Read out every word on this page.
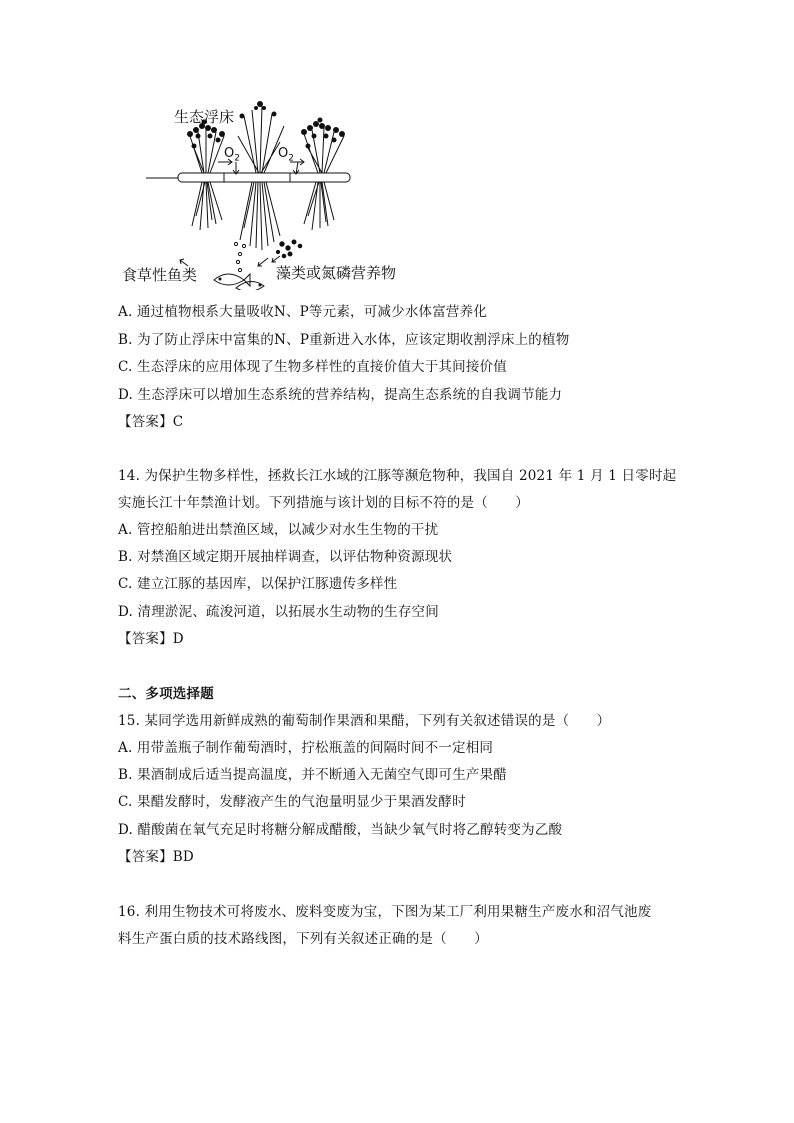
生态浮床
$O_2$	$O_2$
食草性鱼类	藻类或氮磷营养物
A. 通过植物根系大量吸收N、P等元素，可减少水体富营养化
B. 为了防止浮床中富集的N、P重新进入水体，应该定期收割浮床上的植物
C. 生态浮床的应用体现了生物多样性的直接价值大于其间接价值
D. 生态浮床可以增加生态系统的营养结构，提高生态系统的自我调节能力
【答案】C
14. 为保护生物多样性，拯救长江水域的江豚等濒危物种，我国自 2021 年 1 月 1 日零时起
实施长江十年禁渔计划。下列措施与该计划的目标不符的是（　　）
A. 管控船舶进出禁渔区域，以减少对水生生物的干扰
B. 对禁渔区域定期开展抽样调查，以评估物种资源现状
C. 建立江豚的基因库，以保护江豚遗传多样性
D. 清理淤泥、疏浚河道，以拓展水生动物的生存空间
【答案】D
二、多项选择题
15. 某同学选用新鲜成熟的葡萄制作果酒和果醋，下列有关叙述错误的是（　　）
A. 用带盖瓶子制作葡萄酒时，拧松瓶盖的间隔时间不一定相同
B. 果酒制成后适当提高温度，并不断通入无菌空气即可生产果醋
C. 果醋发酵时，发酵液产生的气泡量明显少于果酒发酵时
D. 醋酸菌在氧气充足时将糖分解成醋酸，当缺少氧气时将乙醇转变为乙酸
【答案】BD
16. 利用生物技术可将废水、废料变废为宝，下图为某工厂利用果糖生产废水和沼气池废
料生产蛋白质的技术路线图，下列有关叙述正确的是（　　）
